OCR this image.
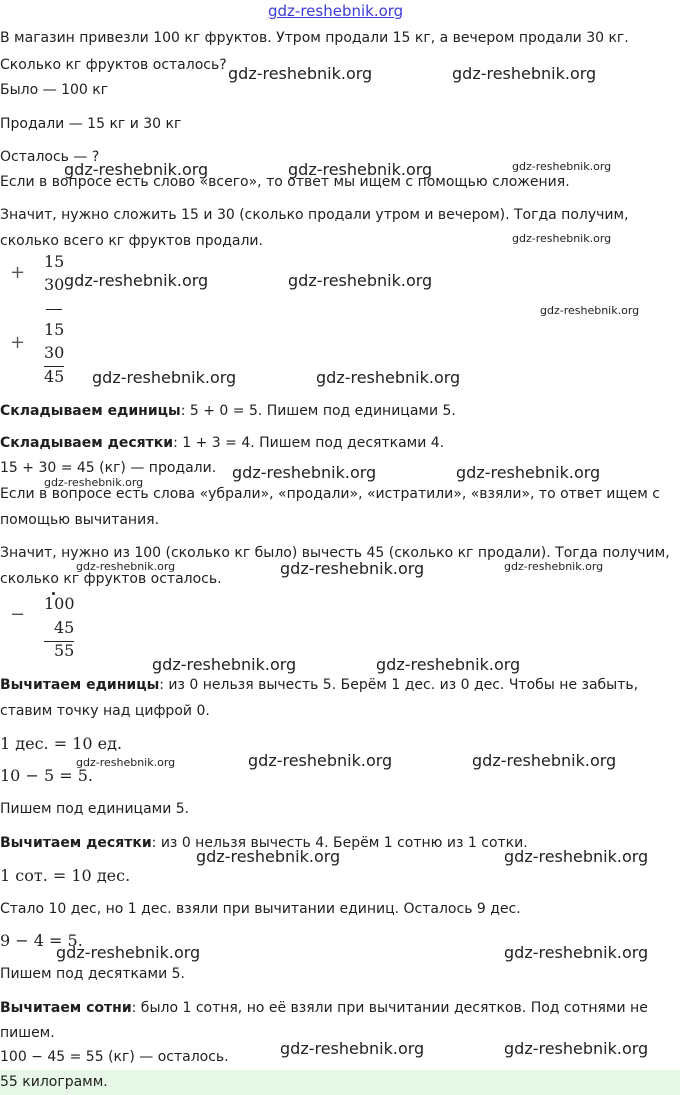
gdz-reshebnik.org
В магазин привезли 100 кг фруктов. Утром продали 15 кг, а вечером продали 30 кг.
Сколько кг фруктов осталось?
Было — 100 кг
Продали — 15 кг и 30 кг
Осталось — ?
Если в вопросе есть слово «всего», то ответ мы ищем с помощью сложения.
Значит, нужно сложить 15 и 30 (сколько продали утром и вечером). Тогда получим,
сколько всего кг фруктов продали.
+
15
30
+
15
30
45
Складываем единицы: 5 + 0 = 5. Пишем под единицами 5.
Складываем десятки: 1 + 3 = 4. Пишем под десятками 4.
15 + 30 = 45 (кг) — продали.
Если в вопросе есть слова «убрали», «продали», «истратили», «взяли», то ответ ищем с
помощью вычитания.
Значит, нужно из 100 (сколько кг было) вычесть 45 (сколько кг продали). Тогда получим,
сколько кг фруктов осталось.
−
100
45
55
Вычитаем единицы: из 0 нельзя вычесть 5. Берём 1 дес. из 0 дес. Чтобы не забыть,
ставим точку над цифрой 0.
1 дес. = 10 ед.
10 − 5 = 5.
Пишем под единицами 5.
Вычитаем десятки: из 0 нельзя вычесть 4. Берём 1 сотню из 1 сотки.
1 сот. = 10 дес.
Стало 10 дес, но 1 дес. взяли при вычитании единиц. Осталось 9 дес.
9 − 4 = 5.
Пишем под десятками 5.
Вычитаем сотни: было 1 сотня, но её взяли при вычитании десятков. Под сотнями не
пишем.
100 − 45 = 55 (кг) — осталось.
55 килограмм.
gdz-reshebnik.org	gdz-reshebnik.org
gdz-reshebnik.org	gdz-reshebnik.org	gdz-reshebnik.org
gdz-reshebnik.org
gdz-reshebnik.org	gdz-reshebnik.org
gdz-reshebnik.org
gdz-reshebnik.org	gdz-reshebnik.org
gdz-reshebnik.org	gdz-reshebnik.org
gdz-reshebnik.org
gdz-reshebnik.org	gdz-reshebnik.org	gdz-reshebnik.org
gdz-reshebnik.org	gdz-reshebnik.org
gdz-reshebnik.org	gdz-reshebnik.org	gdz-reshebnik.org
gdz-reshebnik.org	gdz-reshebnik.org
gdz-reshebnik.org	gdz-reshebnik.org
gdz-reshebnik.org	gdz-reshebnik.org
